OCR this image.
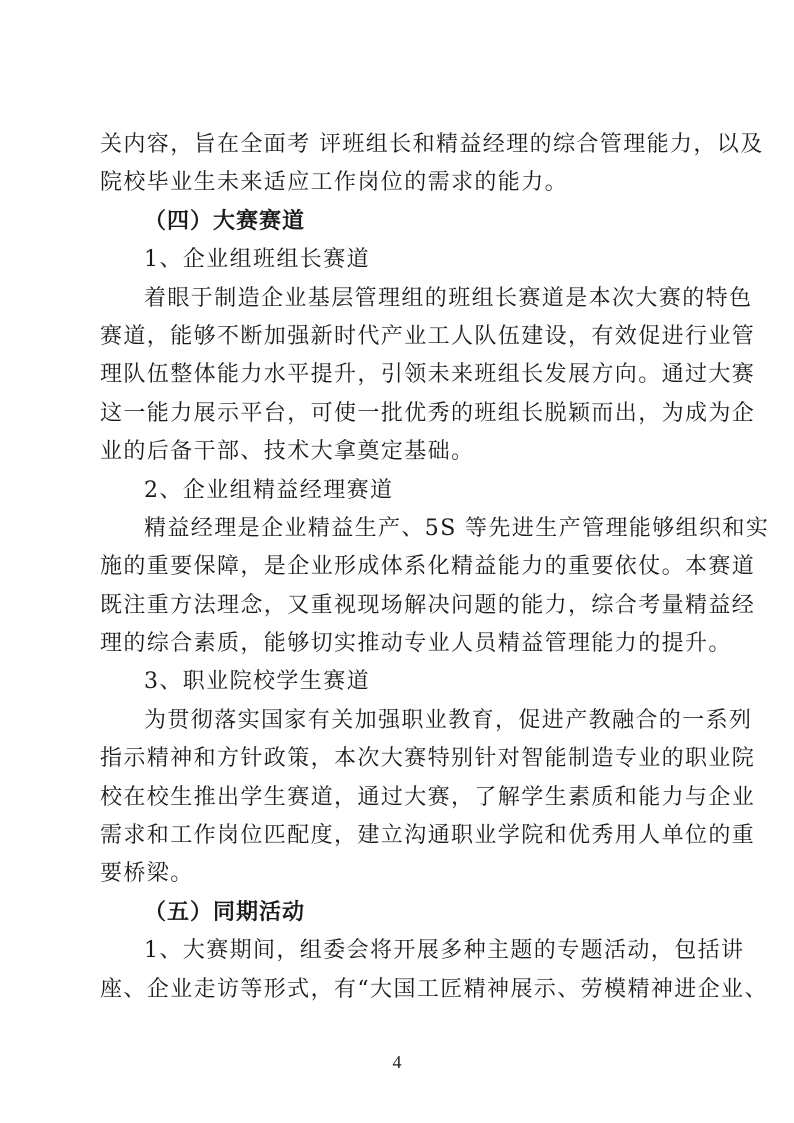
关内容，旨在全面考 评班组长和精益经理的综合管理能力，以及
院校毕业生未来适应工作岗位的需求的能力。
（四）大赛赛道
1、企业组班组长赛道
着眼于制造企业基层管理组的班组长赛道是本次大赛的特色
赛道，能够不断加强新时代产业工人队伍建设，有效促进行业管
理队伍整体能力水平提升，引领未来班组长发展方向。通过大赛
这一能力展示平台，可使一批优秀的班组长脱颖而出，为成为企
业的后备干部、技术大拿奠定基础。
2、企业组精益经理赛道
精益经理是企业精益生产、5S 等先进生产管理能够组织和实
施的重要保障，是企业形成体系化精益能力的重要依仗。本赛道
既注重方法理念，又重视现场解决问题的能力，综合考量精益经
理的综合素质，能够切实推动专业人员精益管理能力的提升。
3、职业院校学生赛道
为贯彻落实国家有关加强职业教育，促进产教融合的一系列
指示精神和方针政策，本次大赛特别针对智能制造专业的职业院
校在校生推出学生赛道，通过大赛，了解学生素质和能力与企业
需求和工作岗位匹配度，建立沟通职业学院和优秀用人单位的重
要桥梁。
（五）同期活动
1、大赛期间，组委会将开展多种主题的专题活动，包括讲
座、企业走访等形式，有“大国工匠精神展示、劳模精神进企业、
4
